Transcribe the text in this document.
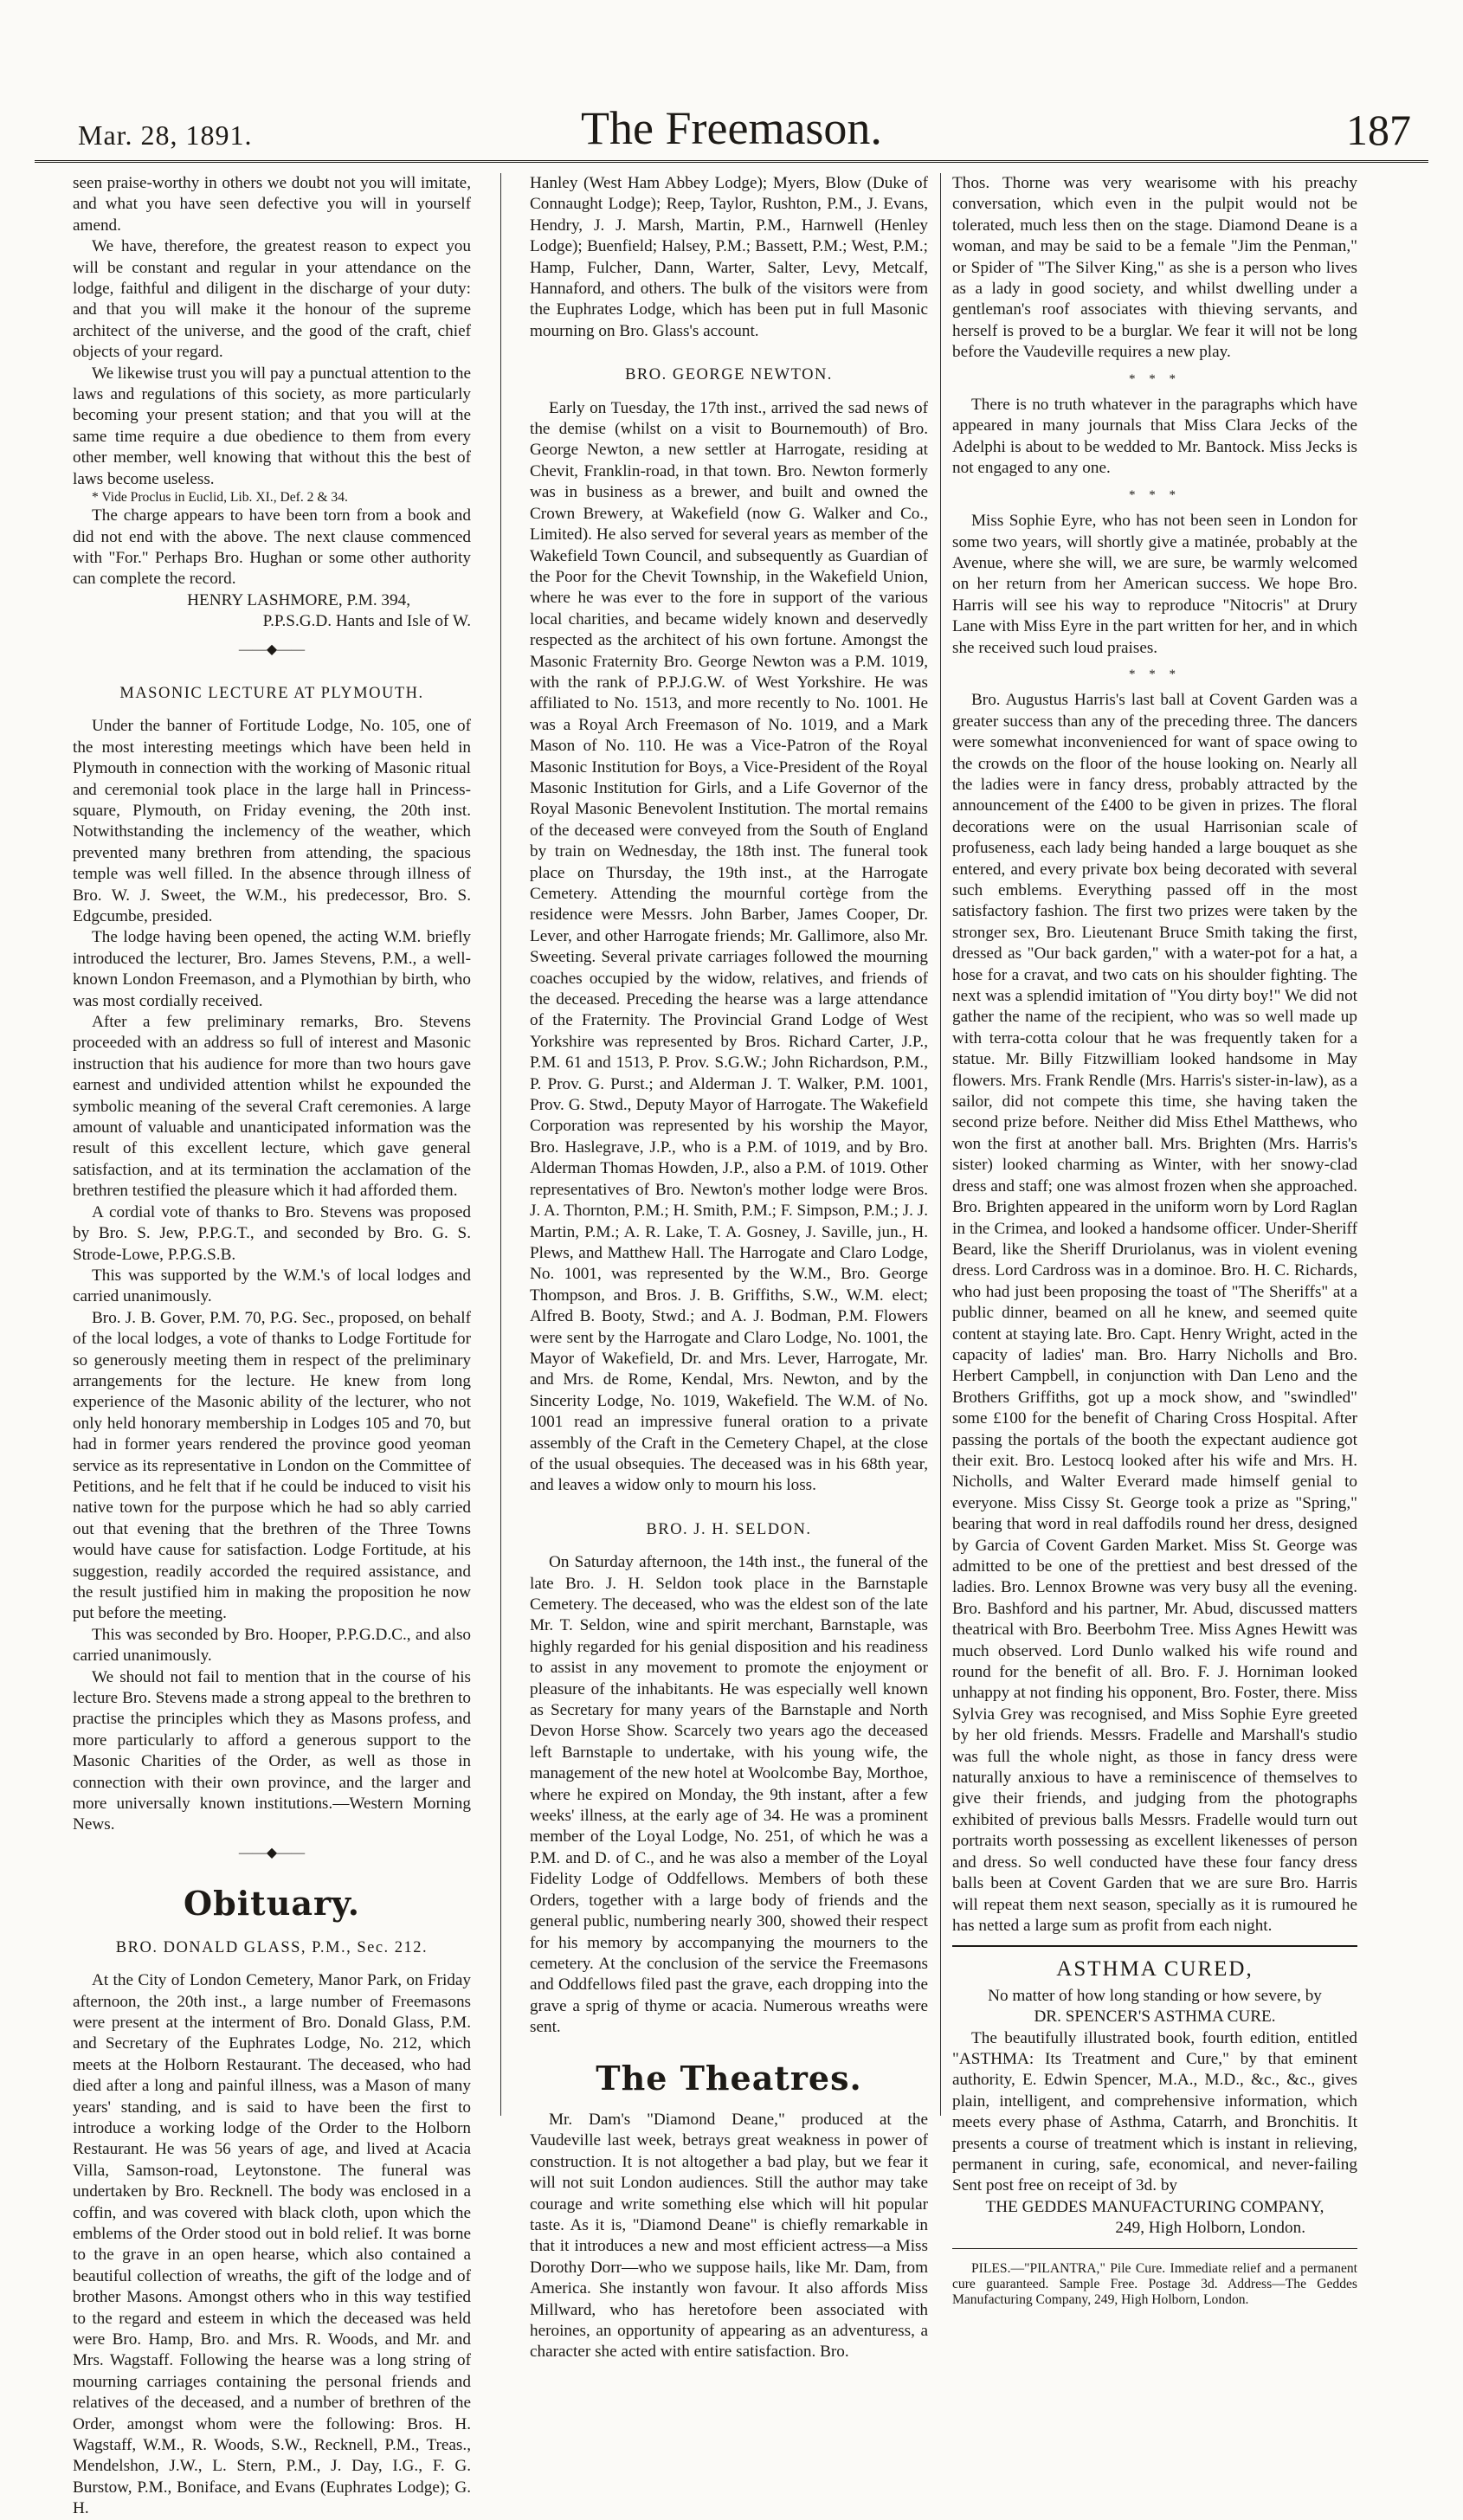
Mar. 28, 1891.	The Freemason.	187

seen praise-worthy in others we doubt not you will imitate, and what you have seen defective you will in yourself amend.

We have, therefore, the greatest reason to expect you will be constant and regular in your attendance on the lodge, faithful and diligent in the discharge of your duty: and that you will make it the honour of the supreme architect of the universe, and the good of the craft, chief objects of your regard.

We likewise trust you will pay a punctual attention to the laws and regulations of this society, as more particularly becoming your present station; and that you will at the same time require a due obedience to them from every other member, well knowing that without this the best of laws become useless.

* Vide Proclus in Euclid, Lib. XI., Def. 2 & 34.

The charge appears to have been torn from a book and did not end with the above. The next clause commenced with "For." Perhaps Bro. Hughan or some other authority can complete the record.

HENRY LASHMORE, P.M. 394,

P.P.S.G.D. Hants and Isle of W.

——◆——
MASONIC LECTURE AT PLYMOUTH.

Under the banner of Fortitude Lodge, No. 105, one of the most interesting meetings which have been held in Plymouth in connection with the working of Masonic ritual and ceremonial took place in the large hall in Princess-square, Plymouth, on Friday evening, the 20th inst. Notwithstanding the inclemency of the weather, which prevented many brethren from attending, the spacious temple was well filled. In the absence through illness of Bro. W. J. Sweet, the W.M., his predecessor, Bro. S. Edgcumbe, presided.

The lodge having been opened, the acting W.M. briefly introduced the lecturer, Bro. James Stevens, P.M., a well-known London Freemason, and a Plymothian by birth, who was most cordially received.

After a few preliminary remarks, Bro. Stevens proceeded with an address so full of interest and Masonic instruction that his audience for more than two hours gave earnest and undivided attention whilst he expounded the symbolic meaning of the several Craft ceremonies. A large amount of valuable and unanticipated information was the result of this excellent lecture, which gave general satisfaction, and at its termination the acclamation of the brethren testified the pleasure which it had afforded them.

A cordial vote of thanks to Bro. Stevens was proposed by Bro. S. Jew, P.P.G.T., and seconded by Bro. G. S. Strode-Lowe, P.P.G.S.B.

This was supported by the W.M.'s of local lodges and carried unanimously.

Bro. J. B. Gover, P.M. 70, P.G. Sec., proposed, on behalf of the local lodges, a vote of thanks to Lodge Fortitude for so generously meeting them in respect of the preliminary arrangements for the lecture. He knew from long experience of the Masonic ability of the lecturer, who not only held honorary membership in Lodges 105 and 70, but had in former years rendered the province good yeoman service as its representative in London on the Committee of Petitions, and he felt that if he could be induced to visit his native town for the purpose which he had so ably carried out that evening that the brethren of the Three Towns would have cause for satisfaction. Lodge Fortitude, at his suggestion, readily accorded the required assistance, and the result justified him in making the proposition he now put before the meeting.

This was seconded by Bro. Hooper, P.P.G.D.C., and also carried unanimously.

We should not fail to mention that in the course of his lecture Bro. Stevens made a strong appeal to the brethren to practise the principles which they as Masons profess, and more particularly to afford a generous support to the Masonic Charities of the Order, as well as those in connection with their own province, and the larger and more universally known institutions.—Western Morning News.

——◆——
Obituary.
BRO. DONALD GLASS, P.M., Sec. 212.

At the City of London Cemetery, Manor Park, on Friday afternoon, the 20th inst., a large number of Freemasons were present at the interment of Bro. Donald Glass, P.M. and Secretary of the Euphrates Lodge, No. 212, which meets at the Holborn Restaurant. The deceased, who had died after a long and painful illness, was a Mason of many years' standing, and is said to have been the first to introduce a working lodge of the Order to the Holborn Restaurant. He was 56 years of age, and lived at Acacia Villa, Samson-road, Leytonstone. The funeral was undertaken by Bro. Recknell. The body was enclosed in a coffin, and was covered with black cloth, upon which the emblems of the Order stood out in bold relief. It was borne to the grave in an open hearse, which also contained a beautiful collection of wreaths, the gift of the lodge and of brother Masons. Amongst others who in this way testified to the regard and esteem in which the deceased was held were Bro. Hamp, Bro. and Mrs. R. Woods, and Mr. and Mrs. Wagstaff. Following the hearse was a long string of mourning carriages containing the personal friends and relatives of the deceased, and a number of brethren of the Order, amongst whom were the following: Bros. H. Wagstaff, W.M., R. Woods, S.W., Recknell, P.M., Treas., Mendelshon, J.W., L. Stern, P.M., J. Day, I.G., F. G. Burstow, P.M., Boniface, and Evans (Euphrates Lodge); G. H.

Hanley (West Ham Abbey Lodge); Myers, Blow (Duke of Connaught Lodge); Reep, Taylor, Rushton, P.M., J. Evans, Hendry, J. J. Marsh, Martin, P.M., Harnwell (Henley Lodge); Buenfield; Halsey, P.M.; Bassett, P.M.; West, P.M.; Hamp, Fulcher, Dann, Warter, Salter, Levy, Metcalf, Hannaford, and others. The bulk of the visitors were from the Euphrates Lodge, which has been put in full Masonic mourning on Bro. Glass's account.

BRO. GEORGE NEWTON.

Early on Tuesday, the 17th inst., arrived the sad news of the demise (whilst on a visit to Bournemouth) of Bro. George Newton, a new settler at Harrogate, residing at Chevit, Franklin-road, in that town. Bro. Newton formerly was in business as a brewer, and built and owned the Crown Brewery, at Wakefield (now G. Walker and Co., Limited). He also served for several years as member of the Wakefield Town Council, and subsequently as Guardian of the Poor for the Chevit Township, in the Wakefield Union, where he was ever to the fore in support of the various local charities, and became widely known and deservedly respected as the architect of his own fortune. Amongst the Masonic Fraternity Bro. George Newton was a P.M. 1019, with the rank of P.P.J.G.W. of West Yorkshire. He was affiliated to No. 1513, and more recently to No. 1001. He was a Royal Arch Freemason of No. 1019, and a Mark Mason of No. 110. He was a Vice-Patron of the Royal Masonic Institution for Boys, a Vice-President of the Royal Masonic Institution for Girls, and a Life Governor of the Royal Masonic Benevolent Institution. The mortal remains of the deceased were conveyed from the South of England by train on Wednesday, the 18th inst. The funeral took place on Thursday, the 19th inst., at the Harrogate Cemetery. Attending the mournful cortège from the residence were Messrs. John Barber, James Cooper, Dr. Lever, and other Harrogate friends; Mr. Gallimore, also Mr. Sweeting. Several private carriages followed the mourning coaches occupied by the widow, relatives, and friends of the deceased. Preceding the hearse was a large attendance of the Fraternity. The Provincial Grand Lodge of West Yorkshire was represented by Bros. Richard Carter, J.P., P.M. 61 and 1513, P. Prov. S.G.W.; John Richardson, P.M., P. Prov. G. Purst.; and Alderman J. T. Walker, P.M. 1001, Prov. G. Stwd., Deputy Mayor of Harrogate. The Wakefield Corporation was represented by his worship the Mayor, Bro. Haslegrave, J.P., who is a P.M. of 1019, and by Bro. Alderman Thomas Howden, J.P., also a P.M. of 1019. Other representatives of Bro. Newton's mother lodge were Bros. J. A. Thornton, P.M.; H. Smith, P.M.; F. Simpson, P.M.; J. J. Martin, P.M.; A. R. Lake, T. A. Gosney, J. Saville, jun., H. Plews, and Matthew Hall. The Harrogate and Claro Lodge, No. 1001, was represented by the W.M., Bro. George Thompson, and Bros. J. B. Griffiths, S.W., W.M. elect; Alfred B. Booty, Stwd.; and A. J. Bodman, P.M. Flowers were sent by the Harrogate and Claro Lodge, No. 1001, the Mayor of Wakefield, Dr. and Mrs. Lever, Harrogate, Mr. and Mrs. de Rome, Kendal, Mrs. Newton, and by the Sincerity Lodge, No. 1019, Wakefield. The W.M. of No. 1001 read an impressive funeral oration to a private assembly of the Craft in the Cemetery Chapel, at the close of the usual obsequies. The deceased was in his 68th year, and leaves a widow only to mourn his loss.

BRO. J. H. SELDON.

On Saturday afternoon, the 14th inst., the funeral of the late Bro. J. H. Seldon took place in the Barnstaple Cemetery. The deceased, who was the eldest son of the late Mr. T. Seldon, wine and spirit merchant, Barnstaple, was highly regarded for his genial disposition and his readiness to assist in any movement to promote the enjoyment or pleasure of the inhabitants. He was especially well known as Secretary for many years of the Barnstaple and North Devon Horse Show. Scarcely two years ago the deceased left Barnstaple to undertake, with his young wife, the management of the new hotel at Woolcombe Bay, Morthoe, where he expired on Monday, the 9th instant, after a few weeks' illness, at the early age of 34. He was a prominent member of the Loyal Lodge, No. 251, of which he was a P.M. and D. of C., and he was also a member of the Loyal Fidelity Lodge of Oddfellows. Members of both these Orders, together with a large body of friends and the general public, numbering nearly 300, showed their respect for his memory by accompanying the mourners to the cemetery. At the conclusion of the service the Freemasons and Oddfellows filed past the grave, each dropping into the grave a sprig of thyme or acacia. Numerous wreaths were sent.

The Theatres.

Mr. Dam's "Diamond Deane," produced at the Vaudeville last week, betrays great weakness in power of construction. It is not altogether a bad play, but we fear it will not suit London audiences. Still the author may take courage and write something else which will hit popular taste. As it is, "Diamond Deane" is chiefly remarkable in that it introduces a new and most efficient actress—a Miss Dorothy Dorr—who we suppose hails, like Mr. Dam, from America. She instantly won favour. It also affords Miss Millward, who has heretofore been associated with heroines, an opportunity of appearing as an adventuress, a character she acted with entire satisfaction. Bro.

Thos. Thorne was very wearisome with his preachy conversation, which even in the pulpit would not be tolerated, much less then on the stage. Diamond Deane is a woman, and may be said to be a female "Jim the Penman," or Spider of "The Silver King," as she is a person who lives as a lady in good society, and whilst dwelling under a gentleman's roof associates with thieving servants, and herself is proved to be a burglar. We fear it will not be long before the Vaudeville requires a new play.

* * *

There is no truth whatever in the paragraphs which have appeared in many journals that Miss Clara Jecks of the Adelphi is about to be wedded to Mr. Bantock. Miss Jecks is not engaged to any one.

* * *

Miss Sophie Eyre, who has not been seen in London for some two years, will shortly give a matinée, probably at the Avenue, where she will, we are sure, be warmly welcomed on her return from her American success. We hope Bro. Harris will see his way to reproduce "Nitocris" at Drury Lane with Miss Eyre in the part written for her, and in which she received such loud praises.

* * *

Bro. Augustus Harris's last ball at Covent Garden was a greater success than any of the preceding three. The dancers were somewhat inconvenienced for want of space owing to the crowds on the floor of the house looking on. Nearly all the ladies were in fancy dress, probably attracted by the announcement of the £400 to be given in prizes. The floral decorations were on the usual Harrisonian scale of profuseness, each lady being handed a large bouquet as she entered, and every private box being decorated with several such emblems. Everything passed off in the most satisfactory fashion. The first two prizes were taken by the stronger sex, Bro. Lieutenant Bruce Smith taking the first, dressed as "Our back garden," with a water-pot for a hat, a hose for a cravat, and two cats on his shoulder fighting. The next was a splendid imitation of "You dirty boy!" We did not gather the name of the recipient, who was so well made up with terra-cotta colour that he was frequently taken for a statue. Mr. Billy Fitzwilliam looked handsome in May flowers. Mrs. Frank Rendle (Mrs. Harris's sister-in-law), as a sailor, did not compete this time, she having taken the second prize before. Neither did Miss Ethel Matthews, who won the first at another ball. Mrs. Brighten (Mrs. Harris's sister) looked charming as Winter, with her snowy-clad dress and staff; one was almost frozen when she approached. Bro. Brighten appeared in the uniform worn by Lord Raglan in the Crimea, and looked a handsome officer. Under-Sheriff Beard, like the Sheriff Druriolanus, was in violent evening dress. Lord Cardross was in a dominoe. Bro. H. C. Richards, who had just been proposing the toast of "The Sheriffs" at a public dinner, beamed on all he knew, and seemed quite content at staying late. Bro. Capt. Henry Wright, acted in the capacity of ladies' man. Bro. Harry Nicholls and Bro. Herbert Campbell, in conjunction with Dan Leno and the Brothers Griffiths, got up a mock show, and "swindled" some £100 for the benefit of Charing Cross Hospital. After passing the portals of the booth the expectant audience got their exit. Bro. Lestocq looked after his wife and Mrs. H. Nicholls, and Walter Everard made himself genial to everyone. Miss Cissy St. George took a prize as "Spring," bearing that word in real daffodils round her dress, designed by Garcia of Covent Garden Market. Miss St. George was admitted to be one of the prettiest and best dressed of the ladies. Bro. Lennox Browne was very busy all the evening. Bro. Bashford and his partner, Mr. Abud, discussed matters theatrical with Bro. Beerbohm Tree. Miss Agnes Hewitt was much observed. Lord Dunlo walked his wife round and round for the benefit of all. Bro. F. J. Horniman looked unhappy at not finding his opponent, Bro. Foster, there. Miss Sylvia Grey was recognised, and Miss Sophie Eyre greeted by her old friends. Messrs. Fradelle and Marshall's studio was full the whole night, as those in fancy dress were naturally anxious to have a reminiscence of themselves to give their friends, and judging from the photographs exhibited of previous balls Messrs. Fradelle would turn out portraits worth possessing as excellent likenesses of person and dress. So well conducted have these four fancy dress balls been at Covent Garden that we are sure Bro. Harris will repeat them next season, specially as it is rumoured he has netted a large sum as profit from each night.

ASTHMA CURED,
No matter of how long standing or how severe, by
DR. SPENCER'S ASTHMA CURE.

The beautifully illustrated book, fourth edition, entitled "ASTHMA: Its Treatment and Cure," by that eminent authority, E. Edwin Spencer, M.A., M.D., &c., &c., gives plain, intelligent, and comprehensive information, which meets every phase of Asthma, Catarrh, and Bronchitis. It presents a course of treatment which is instant in relieving, permanent in curing, safe, economical, and never-failing Sent post free on receipt of 3d. by

THE GEDDES MANUFACTURING COMPANY,
249, High Holborn, London.

PILES.—"PILANTRA," Pile Cure. Immediate relief and a permanent cure guaranteed. Sample Free. Postage 3d. Address—The Geddes Manufacturing Company, 249, High Holborn, London.
